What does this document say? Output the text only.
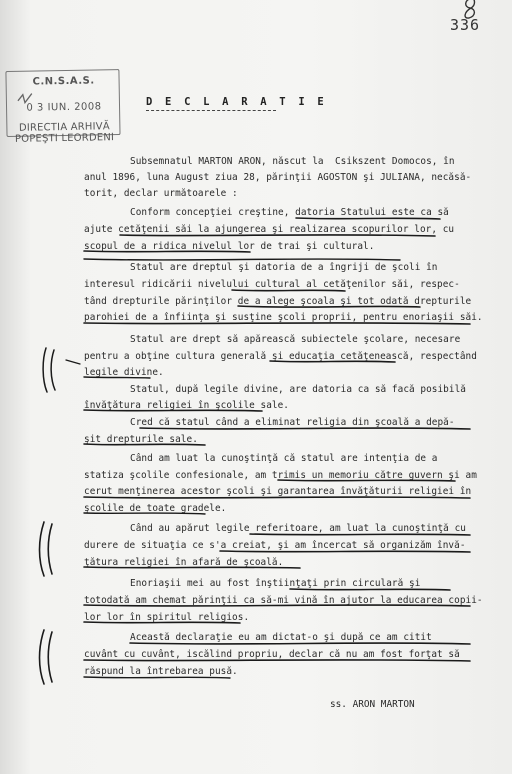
336
C.N.S.A.S.
0 3 IUN. 2008
DIRECTIA ARHIVĂ
POPEŞTI LEORDENI
D E C L A R A T I E
Subsemnatul MARTON ARON, născut la  Csikszent Domocos, în
anul 1896, luna August ziua 28, părinţii AGOSTON şi JULIANA, necăsă-
torit, declar următoarele :
Conform concepţiei creştine, datoria Statului este ca să
ajute cetăţenii săi la ajungerea şi realizarea scopurilor lor, cu
scopul de a ridica nivelul lor de trai şi cultural.
Statul are dreptul şi datoria de a îngriji de şcoli în
interesul ridicării nivelului cultural al cetăţenilor săi, respec-
tând drepturile părinţilor de a alege şcoala şi tot odată drepturile
parohiei de a înfiinţa şi susţine şcoli proprii, pentru enoriaşii săi.
Statul are drept să apărească subiectele şcolare, necesare
pentru a obţine cultura generală şi educaţia cetăţenească, respectând
legile divine.
Statul, după legile divine, are datoria ca să facă posibilă
învăţătura religiei în şcolile sale.
Cred că statul când a eliminat religia din şcoală a depă-
şit drepturile sale.
Când am luat la cunoştinţă că statul are intenţia de a
statiza şcolile confesionale, am trimis un memoriu către guvern şi am
cerut menţinerea acestor şcoli şi garantarea învăţăturii religiei în
şcolile de toate gradele.
Când au apărut legile referitoare, am luat la cunoştinţă cu
durere de situaţia ce s'a creiat, şi am încercat să organizăm învă-
ţătura religiei în afară de şcoală.
Enoriaşii mei au fost înştiinţaţi prin circulară şi
totodată am chemat părinţii ca să-mi vină în ajutor la educarea copii-
lor lor în spiritul religios.
Această declaraţie eu am dictat-o şi după ce am citit
cuvânt cu cuvânt, iscălind propriu, declar că nu am fost forţat să
răspund la întrebarea pusă.
ss. ARON MARTON
